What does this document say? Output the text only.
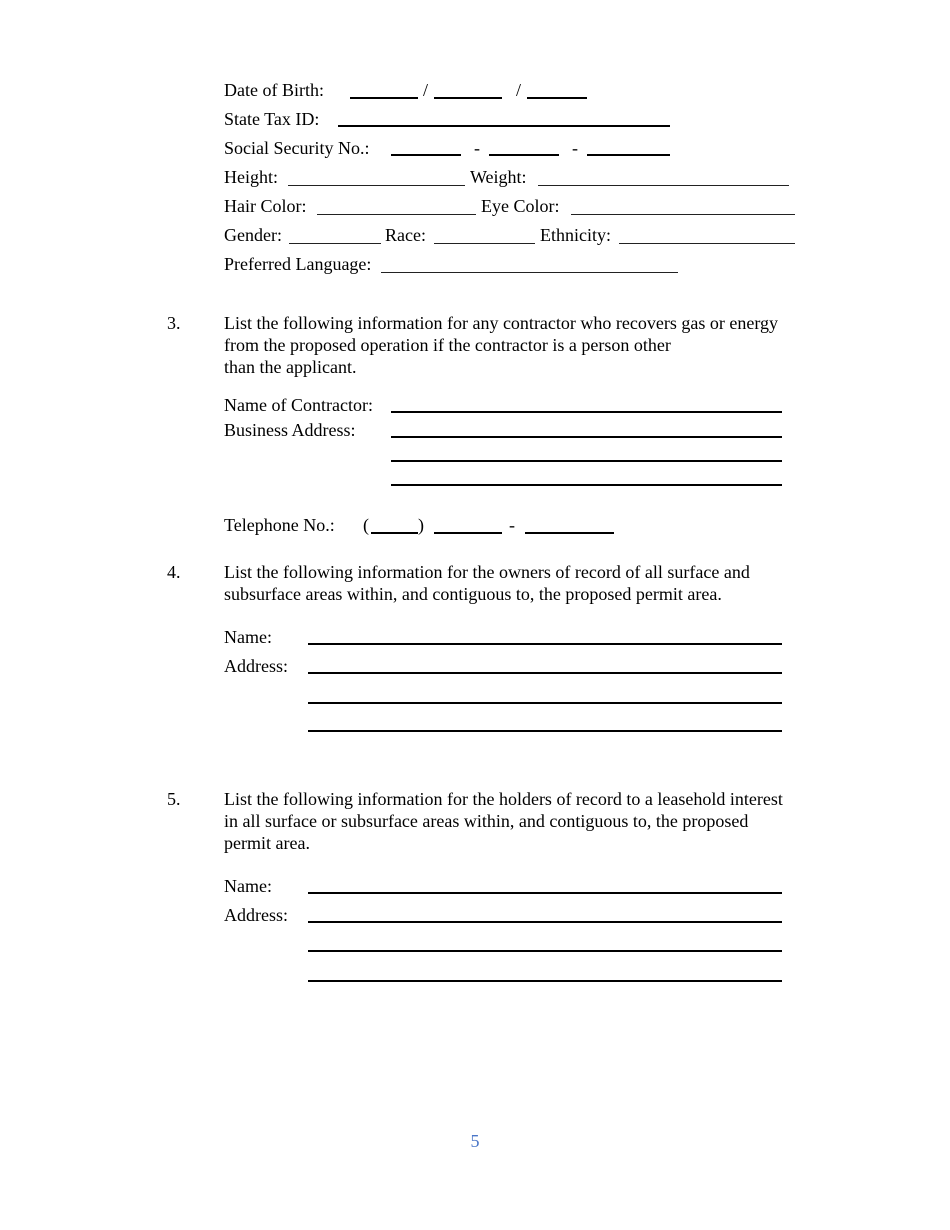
Date of Birth:	/	/
State Tax ID:
Social Security No.:	-	-
Height:	Weight:
Hair Color:	Eye Color:
Gender:	Race:	Ethnicity:
Preferred Language:
3. List the following information for any contractor who recovers gas or energy
from the proposed operation if the contractor is a person other
than the applicant.
Name of Contractor:
Business Address:
Telephone No.: (	)	-
4. List the following information for the owners of record of all surface and
subsurface areas within, and contiguous to, the proposed permit area.
Name:
Address:
5. List the following information for the holders of record to a leasehold interest
in all surface or subsurface areas within, and contiguous to, the proposed
permit area.
Name:
Address:
5
